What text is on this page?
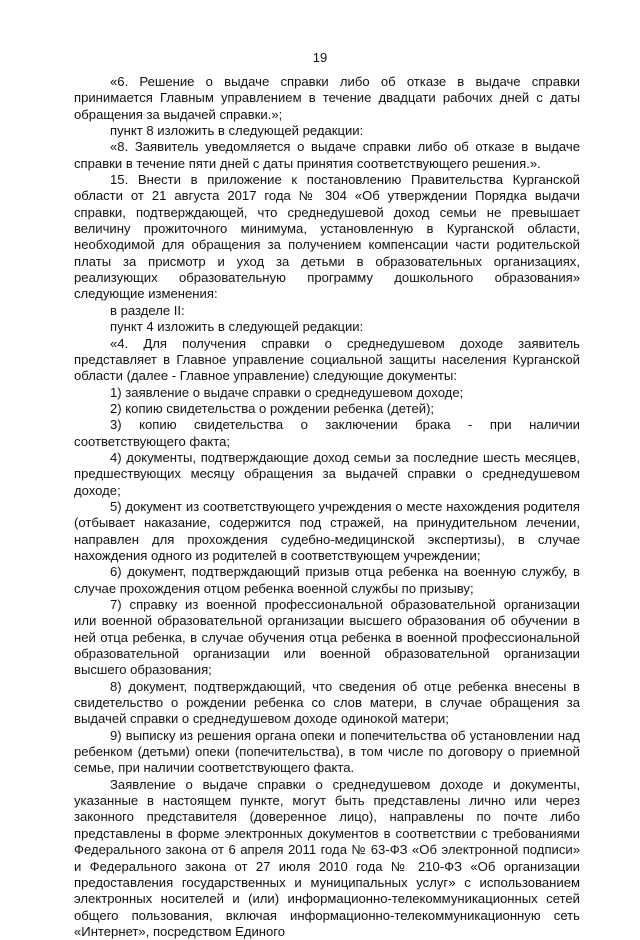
19

«6. Решение о выдаче справки либо об отказе в выдаче справки принимается Главным управлением в течение двадцати рабочих дней с даты обращения за выдачей справки.»;

пункт 8 изложить в следующей редакции:

«8. Заявитель уведомляется о выдаче справки либо об отказе в выдаче справки в течение пяти дней с даты принятия соответствующего решения.».

15. Внести в приложение к постановлению Правительства Курганской области от 21 августа 2017 года № 304 «Об утверждении Порядка выдачи справки, подтверждающей, что среднедушевой доход семьи не превышает величину прожиточного минимума, установленную в Курганской области, необходимой для обращения за получением компенсации части родительской платы за присмотр и уход за детьми в образовательных организациях, реализующих образовательную программу дошкольного образования» следующие изменения:

в разделе II:

пункт 4 изложить в следующей редакции:

«4. Для получения справки о среднедушевом доходе заявитель представляет в Главное управление социальной защиты населения Курганской области (далее - Главное управление) следующие документы:

1) заявление о выдаче справки о среднедушевом доходе;

2) копию свидетельства о рождении ребенка (детей);

3) копию свидетельства о заключении брака - при наличии соответствующего факта;

4) документы, подтверждающие доход семьи за последние шесть месяцев, предшествующих месяцу обращения за выдачей справки о среднедушевом доходе;

5) документ из соответствующего учреждения о месте нахождения родителя (отбывает наказание, содержится под стражей, на принудительном лечении, направлен для прохождения судебно-медицинской экспертизы), в случае нахождения одного из родителей в соответствующем учреждении;

6) документ, подтверждающий призыв отца ребенка на военную службу, в случае прохождения отцом ребенка военной службы по призыву;

7) справку из военной профессиональной образовательной организации или военной образовательной организации высшего образования об обучении в ней отца ребенка, в случае обучения отца ребенка в военной профессиональной образовательной организации или военной образовательной организации высшего образования;

8) документ, подтверждающий, что сведения об отце ребенка внесены в свидетельство о рождении ребенка со слов матери, в случае обращения за выдачей справки о среднедушевом доходе одинокой матери;

9) выписку из решения органа опеки и попечительства об установлении над ребенком (детьми) опеки (попечительства), в том числе по договору о приемной семье, при наличии соответствующего факта.

Заявление о выдаче справки о среднедушевом доходе и документы, указанные в настоящем пункте, могут быть представлены лично или через законного представителя (доверенное лицо), направлены по почте либо представлены в форме электронных документов в соответствии с требованиями Федерального закона от 6 апреля 2011 года № 63-ФЗ «Об электронной подписи» и Федерального закона от 27 июля 2010 года № 210-ФЗ «Об организации предоставления государственных и муниципальных услуг» с использованием электронных носителей и (или) информационно-телекоммуникационных сетей общего пользования, включая информационно-телекоммуникационную сеть «Интернет», посредством Единого
